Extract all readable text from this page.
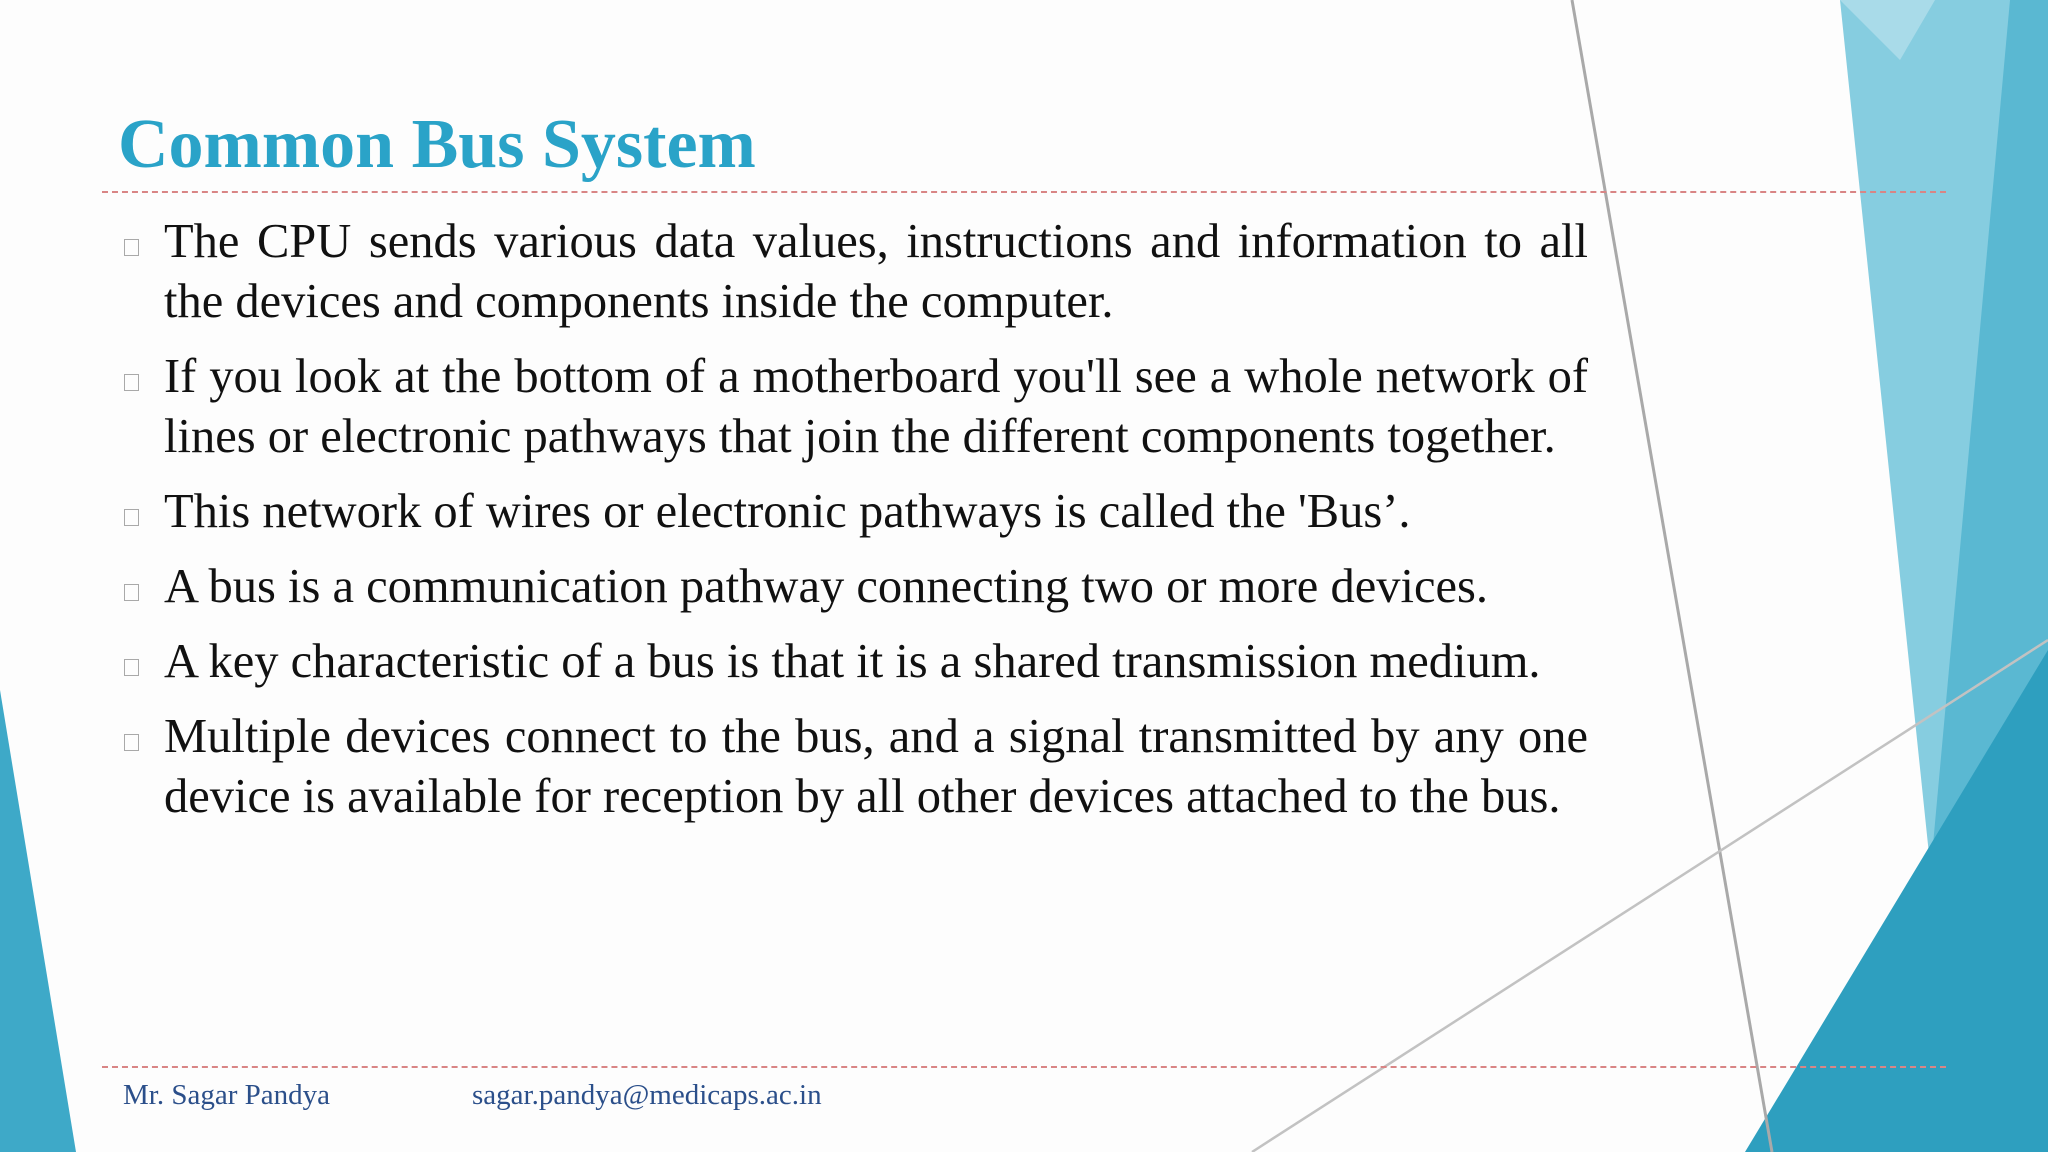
Common Bus System
The CPU sends various data values, instructions and information to all the devices and components inside the computer.
If you look at the bottom of a motherboard you'll see a whole network of lines or electronic pathways that join the different components together.
This network of wires or electronic pathways is called the 'Bus’.
A bus is a communication pathway connecting two or more devices.
A key characteristic of a bus is that it is a shared transmission medium.
Multiple devices connect to the bus, and a signal transmitted by any one device is available for reception by all other devices attached to the bus.
Mr. Sagar Pandya	sagar.pandya@medicaps.ac.in
